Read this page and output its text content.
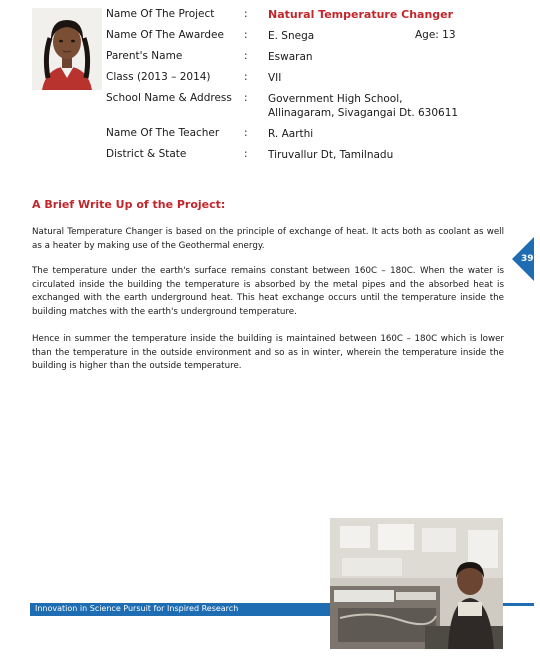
Name Of The Project	: Natural Temperature Changer
Name Of The Awardee : E. Snega	Age: 13
Parent's Name	: Eswaran
Class (2013 – 2014)	: VII
School Name & Address : Government High School,
Allinagaram, Sivagangai Dt. 630611
Name Of The Teacher : R. Aarthi
District & State	: Tiruvallur Dt, Tamilnadu
A Brief Write Up of the Project:

Natural Temperature Changer is based on the principle of exchange of heat. It acts both as coolant as well as a heater by making use of the Geothermal energy.

The temperature under the earth's surface remains constant between 160C – 180C. When the water is circulated inside the building the temperature is absorbed by the metal pipes and the absorbed heat is exchanged with the earth underground heat. This heat exchange occurs until the temperature inside the building matches with the earth's underground temperature.

Hence in summer the temperature inside the building is maintained between 160C – 180C which is lower than the temperature in the outside environment and so as in winter, wherein the temperature inside the building is higher than the outside temperature.

395
Innovation in Science Pursuit for Inspired Research
